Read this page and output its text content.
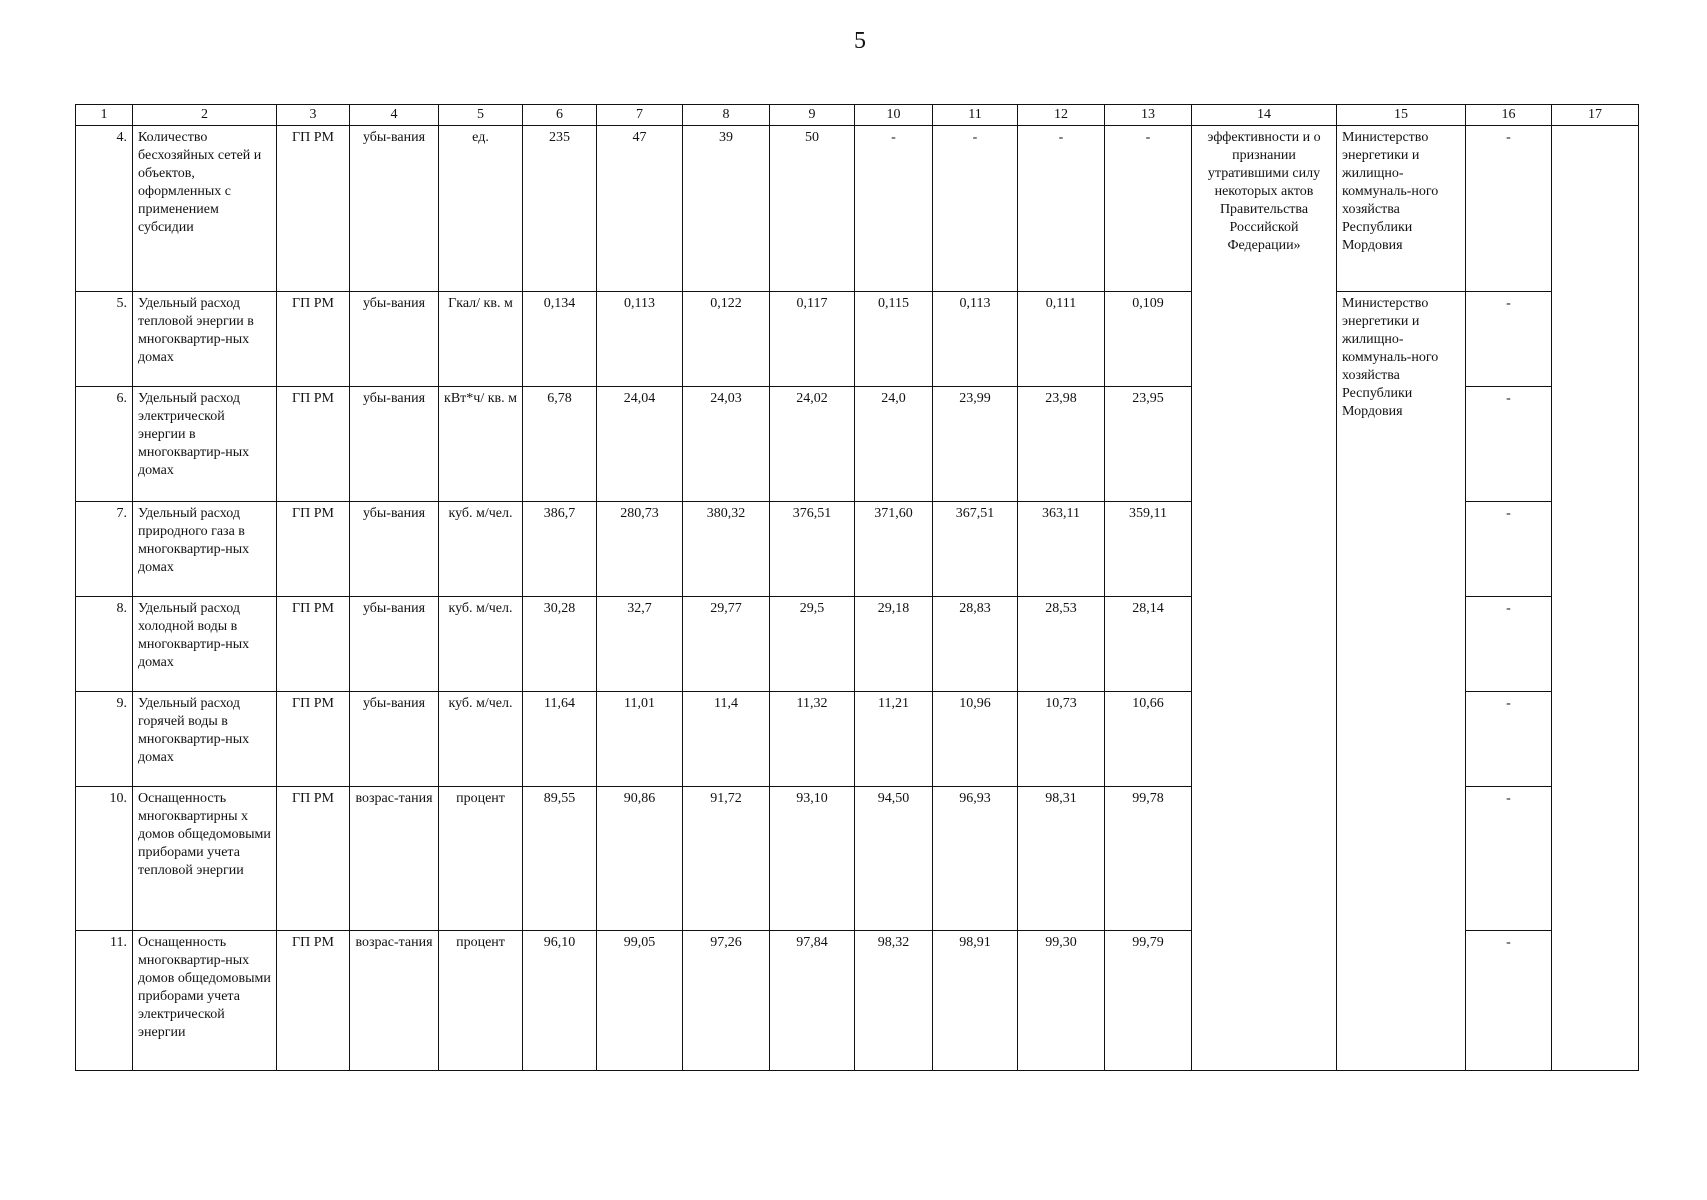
5
1	2	3	4	5	6	7	8	9	10	11	12	13	14	15	16	17
4.	Количество бесхозяйных сетей и объектов, оформленных с применением субсидии	ГП РМ	убы-вания	ед.	235	47	39	50	-	-	-	-	эффективности и о признании утратившими силу некоторых актов Правительства Российской Федерации»	Министерство энергетики и жилищно-коммуналь-ного хозяйства Республики Мордовия	-	
5.	Удельный расход тепловой энергии в многоквартир-ных домах	ГП РМ	убы-вания	Гкал/ кв. м	0,134	0,113	0,122	0,117	0,115	0,113	0,111	0,109		Министерство энергетики и жилищно-коммуналь-ного хозяйства Республики Мордовия	-	
6.	Удельный расход электрической энергии в многоквартир-ных домах	ГП РМ	убы-вания	кВт*ч/ кв. м	6,78	24,04	24,03	24,02	24,0	23,99	23,98	23,95			-	
7.	Удельный расход природного газа в многоквартир-ных домах	ГП РМ	убы-вания	куб. м/чел.	386,7	280,73	380,32	376,51	371,60	367,51	363,11	359,11			-	
8.	Удельный расход холодной воды в многоквартир-ных домах	ГП РМ	убы-вания	куб. м/чел.	30,28	32,7	29,77	29,5	29,18	28,83	28,53	28,14			-	
9.	Удельный расход горячей воды в многоквартир-ных домах	ГП РМ	убы-вания	куб. м/чел.	11,64	11,01	11,4	11,32	11,21	10,96	10,73	10,66			-	
10.	Оснащенность многоквартирны х домов общедомовыми приборами учета тепловой энергии	ГП РМ	возрас-тания	процент	89,55	90,86	91,72	93,10	94,50	96,93	98,31	99,78			-	
11.	Оснащенность многоквартир-ных домов общедомовыми приборами учета электрической энергии	ГП РМ	возрас-тания	процент	96,10	99,05	97,26	97,84	98,32	98,91	99,30	99,79			-	
